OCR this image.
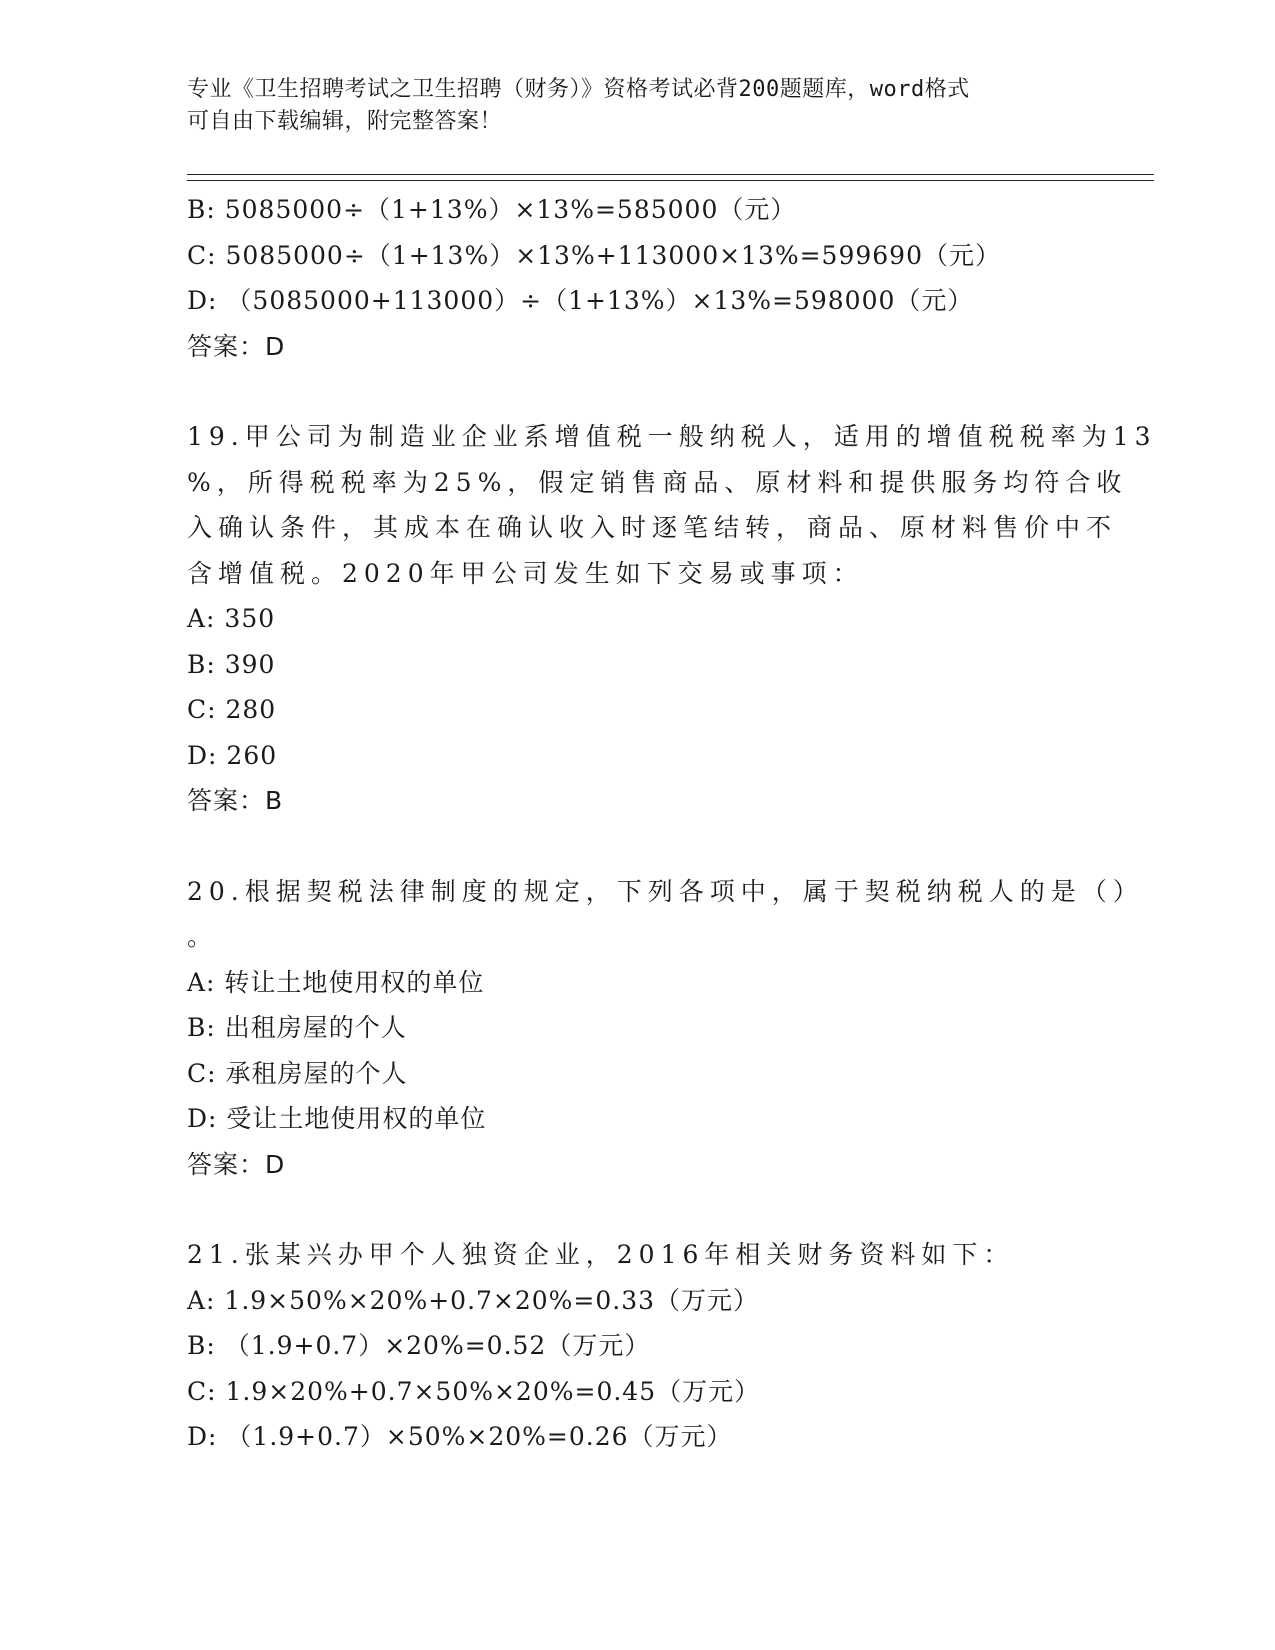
专业《卫生招聘考试之卫生招聘（财务）》资格考试必背200题题库，word格式
可自由下载编辑，附完整答案！
B: 5085000÷（1+13%）×13%=585000（元）
C: 5085000÷（1+13%）×13%+113000×13%=599690（元）
D: （5085000+113000）÷（1+13%）×13%=598000（元）
答案：D
19.甲公司为制造业企业系增值税一般纳税人，适用的增值税税率为13
%，所得税税率为25%，假定销售商品、原材料和提供服务均符合收
入确认条件，其成本在确认收入时逐笔结转，商品、原材料售价中不
含增值税。2020年甲公司发生如下交易或事项：
A: 350
B: 390
C: 280
D: 260
答案：B
20.根据契税法律制度的规定，下列各项中，属于契税纳税人的是（）
。
A: 转让土地使用权的单位
B: 出租房屋的个人
C: 承租房屋的个人
D: 受让土地使用权的单位
答案：D
21.张某兴办甲个人独资企业，2016年相关财务资料如下：
A: 1.9×50%×20%+0.7×20%=0.33（万元）
B: （1.9+0.7）×20%=0.52（万元）
C: 1.9×20%+0.7×50%×20%=0.45（万元）
D: （1.9+0.7）×50%×20%=0.26（万元）
